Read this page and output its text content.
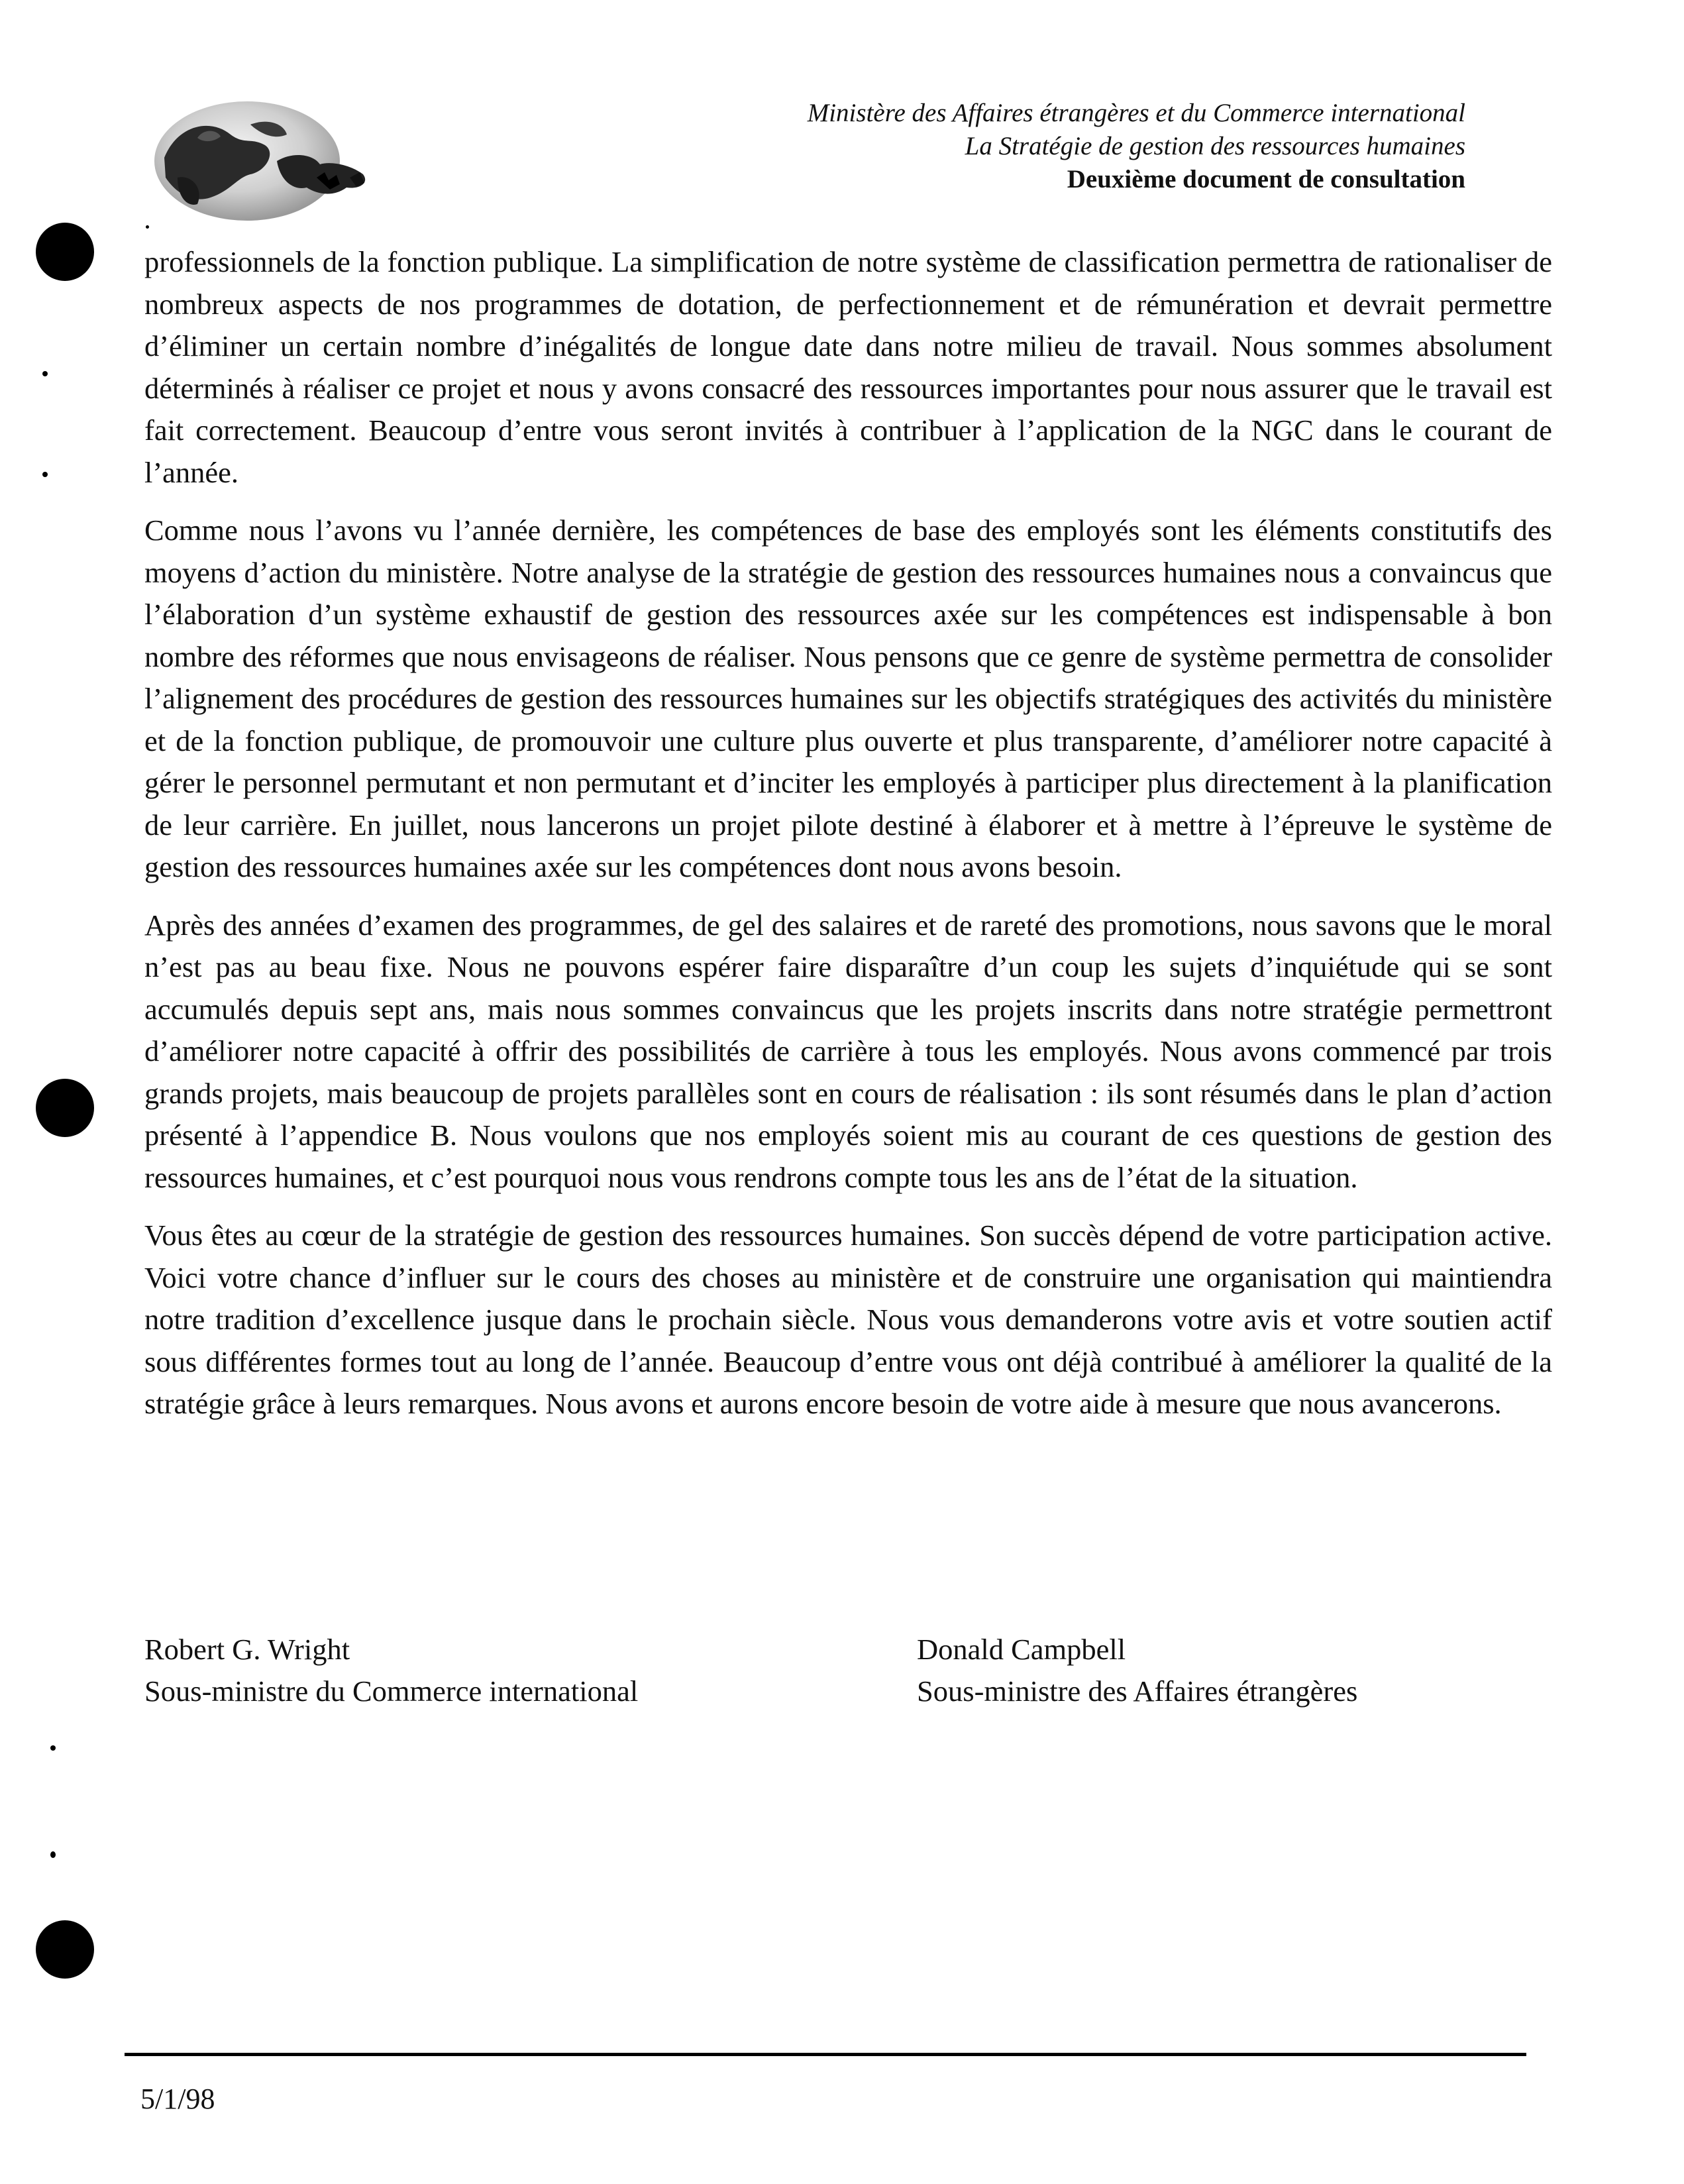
Ministère des Affaires étrangères et du Commerce international
La Stratégie de gestion des ressources humaines
Deuxième document de consultation

professionnels de la fonction publique. La simplification de notre système de classification permettra de rationaliser de nombreux aspects de nos programmes de dotation, de perfectionnement et de rémunération et devrait permettre d’éliminer un certain nombre d’inégalités de longue date dans notre milieu de travail. Nous sommes absolument déterminés à réaliser ce projet et nous y avons consacré des ressources importantes pour nous assurer que le travail est fait correctement. Beaucoup d’entre vous seront invités à contribuer à l’application de la NGC dans le courant de l’année.

Comme nous l’avons vu l’année dernière, les compétences de base des employés sont les éléments constitutifs des moyens d’action du ministère. Notre analyse de la stratégie de gestion des ressources humaines nous a convaincus que l’élaboration d’un système exhaustif de gestion des ressources axée sur les compétences est indispensable à bon nombre des réformes que nous envisageons de réaliser. Nous pensons que ce genre de système permettra de consolider l’alignement des procédures de gestion des ressources humaines sur les objectifs stratégiques des activités du ministère et de la fonction publique, de promouvoir une culture plus ouverte et plus transparente, d’améliorer notre capacité à gérer le personnel permutant et non permutant et d’inciter les employés à participer plus directement à la planification de leur carrière. En juillet, nous lancerons un projet pilote destiné à élaborer et à mettre à l’épreuve le système de gestion des ressources humaines axée sur les compétences dont nous avons besoin.

Après des années d’examen des programmes, de gel des salaires et de rareté des promotions, nous savons que le moral n’est pas au beau fixe. Nous ne pouvons espérer faire disparaître d’un coup les sujets d’inquiétude qui se sont accumulés depuis sept ans, mais nous sommes convaincus que les projets inscrits dans notre stratégie permettront d’améliorer notre capacité à offrir des possibilités de carrière à tous les employés. Nous avons commencé par trois grands projets, mais beaucoup de projets parallèles sont en cours de réalisation : ils sont résumés dans le plan d’action présenté à l’appendice B. Nous voulons que nos employés soient mis au courant de ces questions de gestion des ressources humaines, et c’est pourquoi nous vous rendrons compte tous les ans de l’état de la situation.

Vous êtes au cœur de la stratégie de gestion des ressources humaines. Son succès dépend de votre participation active. Voici votre chance d’influer sur le cours des choses au ministère et de construire une organisation qui maintiendra notre tradition d’excellence jusque dans le prochain siècle. Nous vous demanderons votre avis et votre soutien actif sous différentes formes tout au long de l’année. Beaucoup d’entre vous ont déjà contribué à améliorer la qualité de la stratégie grâce à leurs remarques. Nous avons et aurons encore besoin de votre aide à mesure que nous avancerons.

Robert G. Wright
Sous-ministre du Commerce international
Donald Campbell
Sous-ministre des Affaires étrangères
5/1/98
